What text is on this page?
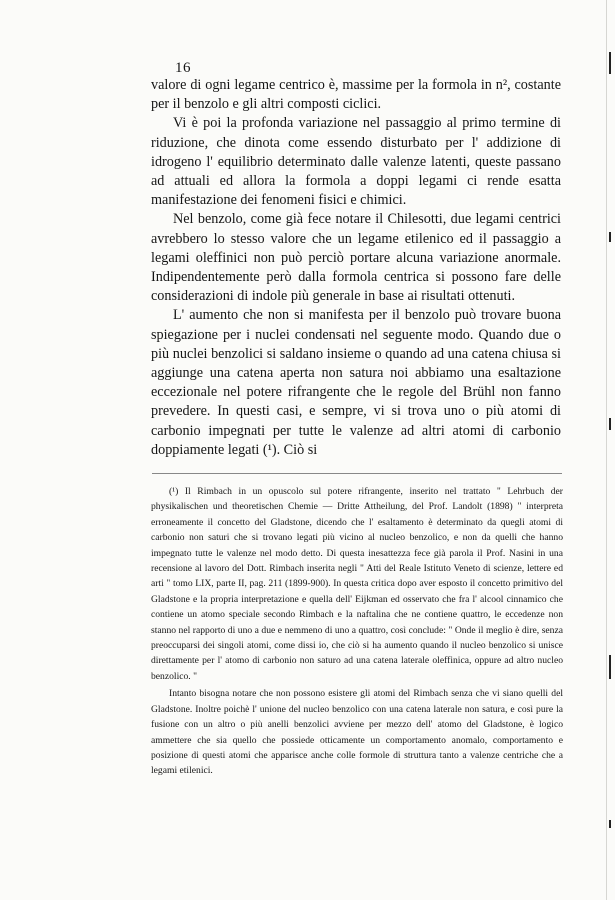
16

valore di ogni legame centrico è, massime per la formola in n², costante per il benzolo e gli altri composti ciclici.

Vi è poi la profonda variazione nel passaggio al primo termine di riduzione, che dinota come essendo disturbato per l' addizione di idrogeno l' equilibrio determinato dalle valenze latenti, queste passano ad attuali ed allora la formola a doppi legami ci rende esatta manifestazione dei fenomeni fisici e chimici.

Nel benzolo, come già fece notare il Chilesotti, due legami centrici avrebbero lo stesso valore che un legame etilenico ed il passaggio a legami oleffinici non può perciò portare alcuna variazione anormale. Indipendentemente però dalla formola centrica si possono fare delle considerazioni di indole più generale in base ai risultati ottenuti.

L' aumento che non si manifesta per il benzolo può trovare buona spiegazione per i nuclei condensati nel seguente modo. Quando due o più nuclei benzolici si saldano insieme o quando ad una catena chiusa si aggiunge una catena aperta non satura noi abbiamo una esaltazione eccezionale nel potere rifrangente che le regole del Brühl non fanno prevedere. In questi casi, e sempre, vi si trova uno o più atomi di carbonio impegnati per tutte le valenze ad altri atomi di carbonio doppiamente legati (¹). Ciò si

(¹) Il Rimbach in un opuscolo sul potere rifrangente, inserito nel trattato " Lehrbuch der physikalischen und theoretischen Chemie — Dritte Attheilung, del Prof. Landolt (1898) " interpreta erroneamente il concetto del Gladstone, dicendo che l' esaltamento è determinato da quegli atomi di carbonio non saturi che si trovano legati più vicino al nucleo benzolico, e non da quelli che hanno impegnato tutte le valenze nel modo detto. Di questa inesattezza fece già parola il Prof. Nasini in una recensione al lavoro del Dott. Rimbach inserita negli " Atti del Reale Istituto Veneto di scienze, lettere ed arti " tomo LIX, parte II, pag. 211 (1899-900). In questa critica dopo aver esposto il concetto primitivo del Gladstone e la propria interpretazione e quella dell' Eijkman ed osservato che fra l' alcool cinnamico che contiene un atomo speciale secondo Rimbach e la naftalina che ne contiene quattro, le eccedenze non stanno nel rapporto di uno a due e nemmeno di uno a quattro, così conclude: " Onde il meglio è dire, senza preoccuparsi dei singoli atomi, come dissi io, che ciò si ha aumento quando il nucleo benzolico si unisce direttamente per l' atomo di carbonio non saturo ad una catena laterale oleffinica, oppure ad altro nucleo benzolico. "

Intanto bisogna notare che non possono esistere gli atomi del Rimbach senza che vi siano quelli del Gladstone. Inoltre poichè l' unione del nucleo benzolico con una catena laterale non satura, e così pure la fusione con un altro o più anelli benzolici avviene per mezzo dell' atomo del Gladstone, è logico ammettere che sia quello che possiede otticamente un comportamento anomalo, comportamento e posizione di questi atomi che apparisce anche colle formole di struttura tanto a valenze centriche che a legami etilenici.
